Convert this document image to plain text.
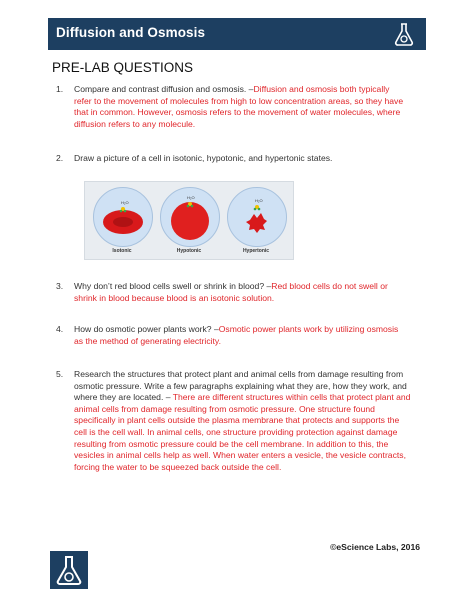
Diffusion and Osmosis
PRE-LAB QUESTIONS
1. Compare and contrast diffusion and osmosis. –Diffusion and osmosis both typically
refer to the movement of molecules from high to low concentration areas, so they have
that in common. However, osmosis refers to the movement of water molecules, where
diffusion refers to any molecule.
2. Draw a picture of a cell in isotonic, hypotonic, and hypertonic states.
H₂O
Isotonic
H₂O
Hypotonic
H₂O
Hypertonic
3. Why don’t red blood cells swell or shrink in blood? –Red blood cells do not swell or
shrink in blood because blood is an isotonic solution.
4. How do osmotic power plants work? –Osmotic power plants work by utilizing osmosis
as the method of generating electricity.
5. Research the structures that protect plant and animal cells from damage resulting from
osmotic pressure. Write a few paragraphs explaining what they are, how they work, and
where they are located. – There are different structures within cells that protect plant and
animal cells from damage resulting from osmotic pressure. One structure found
specifically in plant cells outside the plasma membrane that protects and supports the
cell is the cell wall. In animal cells, one structure providing protection against damage
resulting from osmotic pressure could be the cell membrane. In addition to this, the
vesicles in animal cells help as well. When water enters a vesicle, the vesicle contracts,
forcing the water to be squeezed back outside the cell.
©eScience Labs, 2016
